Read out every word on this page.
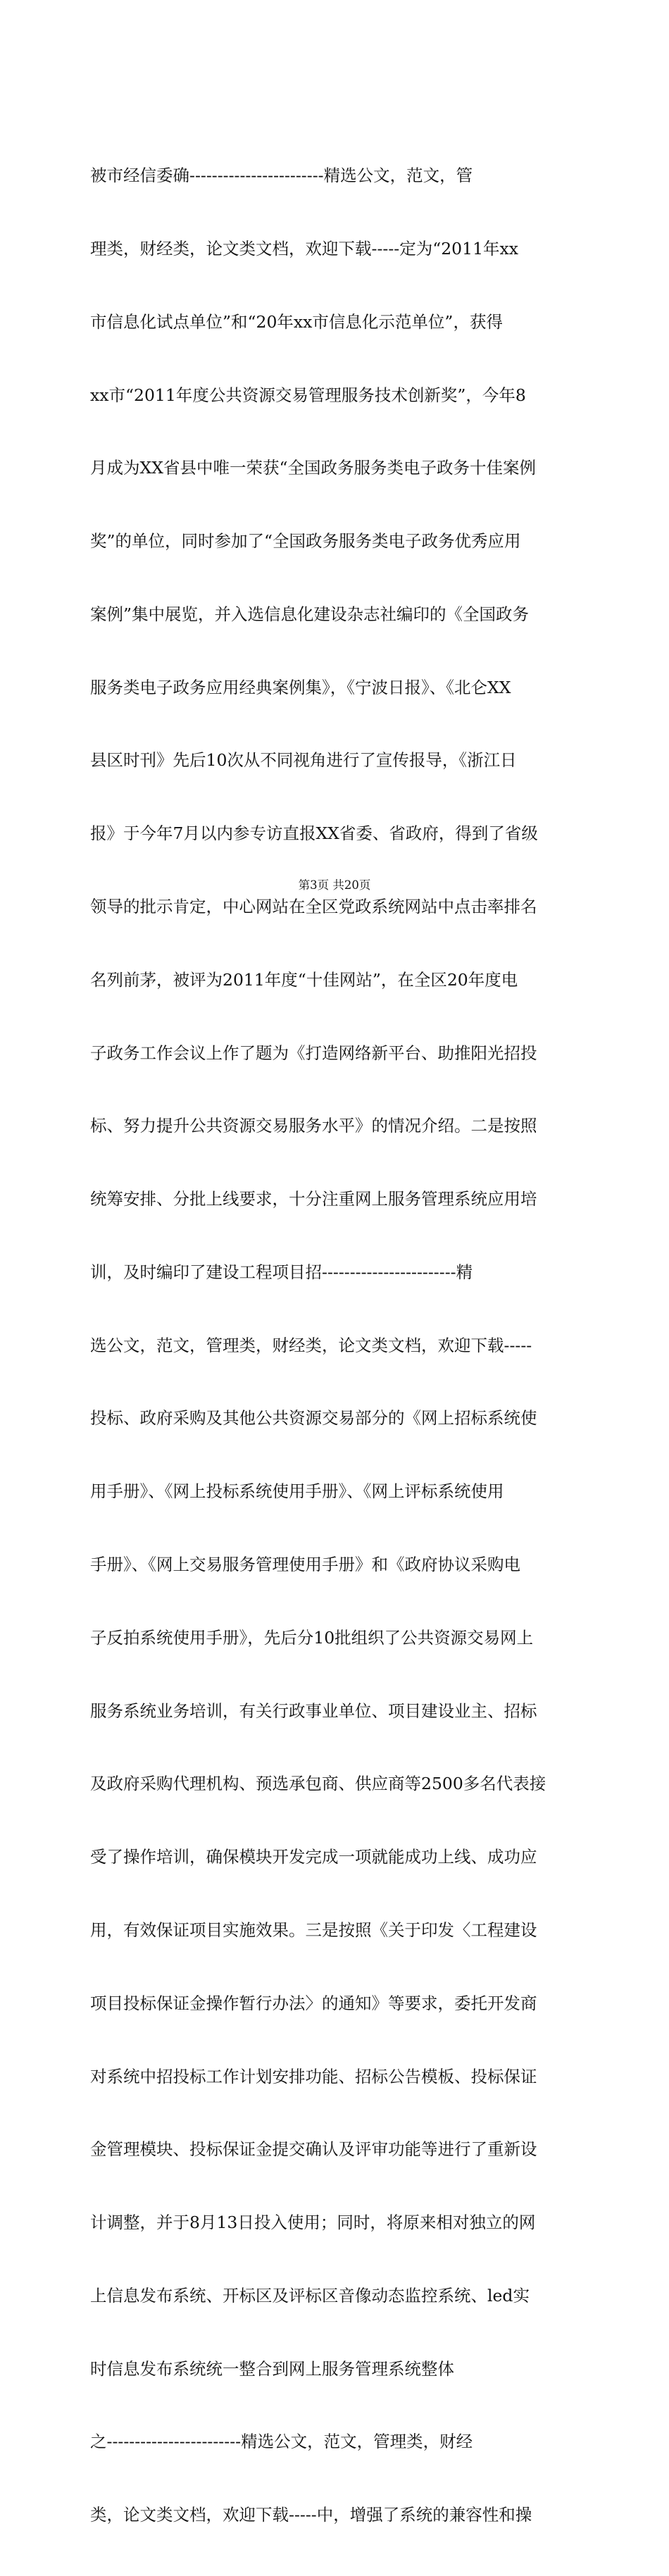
被市经信委确------------------------精选公文，范文，管

理类，财经类，论文类文档，欢迎下载-----定为“2011年xx

市信息化试点单位”和“20年xx市信息化示范单位”，获得

xx市“2011年度公共资源交易管理服务技术创新奖”，今年8

月成为XX省县中唯一荣获“全国政务服务类电子政务十佳案例

奖”的单位，同时参加了“全国政务服务类电子政务优秀应用

案例”集中展览，并入选信息化建设杂志社编印的《全国政务

服务类电子政务应用经典案例集》，《宁波日报》、《北仑XX

县区时刊》先后10次从不同视角进行了宣传报导，《浙江日

报》于今年7月以内参专访直报XX省委、省政府，得到了省级

领导的批示肯定，中心网站在全区党政系统网站中点击率排名

名列前茅，被评为2011年度“十佳网站”，在全区20年度电

子政务工作会议上作了题为《打造网络新平台、助推阳光招投

标、努力提升公共资源交易服务水平》的情况介绍。二是按照

统筹安排、分批上线要求，十分注重网上服务管理系统应用培

训，及时编印了建设工程项目招------------------------精

选公文，范文，管理类，财经类，论文类文档，欢迎下载-----

投标、政府采购及其他公共资源交易部分的《网上招标系统使

用手册》、《网上投标系统使用手册》、《网上评标系统使用

手册》、《网上交易服务管理使用手册》和《政府协议采购电

子反拍系统使用手册》，先后分10批组织了公共资源交易网上

服务系统业务培训，有关行政事业单位、项目建设业主、招标

及政府采购代理机构、预选承包商、供应商等2500多名代表接

受了操作培训，确保模块开发完成一项就能成功上线、成功应

用，有效保证项目实施效果。三是按照《关于印发〈工程建设

项目投标保证金操作暂行办法〉的通知》等要求，委托开发商

对系统中招投标工作计划安排功能、招标公告模板、投标保证

金管理模块、投标保证金提交确认及评审功能等进行了重新设

计调整，并于8月13日投入使用；同时，将原来相对独立的网

上信息发布系统、开标区及评标区音像动态监控系统、led实

时信息发布系统统一整合到网上服务管理系统整体

之------------------------精选公文，范文，管理类，财经

类，论文类文档，欢迎下载-----中，增强了系统的兼容性和操

第3页 共20页
